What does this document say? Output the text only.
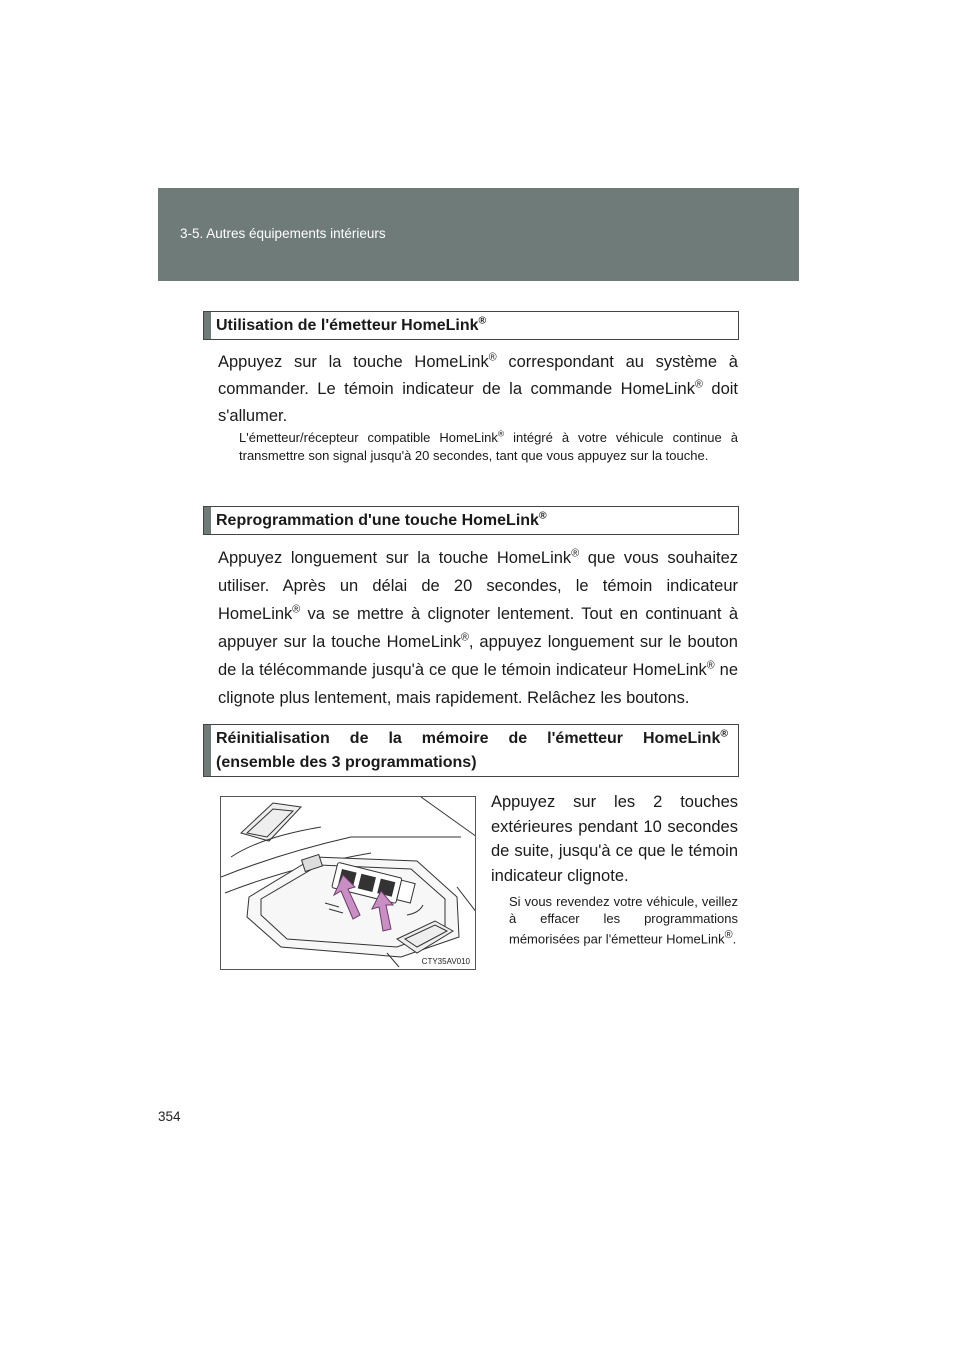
3-5. Autres équipements intérieurs
Utilisation de l'émetteur HomeLink®
Appuyez sur la touche HomeLink® correspondant au système à commander. Le témoin indicateur de la commande HomeLink® doit s'allumer.
L'émetteur/récepteur compatible HomeLink® intégré à votre véhicule continue à transmettre son signal jusqu'à 20 secondes, tant que vous appuyez sur la touche.
Reprogrammation d'une touche HomeLink®
Appuyez longuement sur la touche HomeLink® que vous souhaitez utiliser. Après un délai de 20 secondes, le témoin indicateur HomeLink® va se mettre à clignoter lentement. Tout en continuant à appuyer sur la touche HomeLink®, appuyez longuement sur le bouton de la télécommande jusqu'à ce que le témoin indicateur HomeLink® ne clignote plus lentement, mais rapidement. Relâchez les boutons.
Réinitialisation de la mémoire de l'émetteur HomeLink®
(ensemble des 3 programmations)
CTY35AV010
Appuyez sur les 2 touches extérieures pendant 10 secondes de suite, jusqu'à ce que le témoin indicateur clignote.
Si vous revendez votre véhicule, veillez à effacer les programmations mémorisées par l'émetteur HomeLink®.
354
